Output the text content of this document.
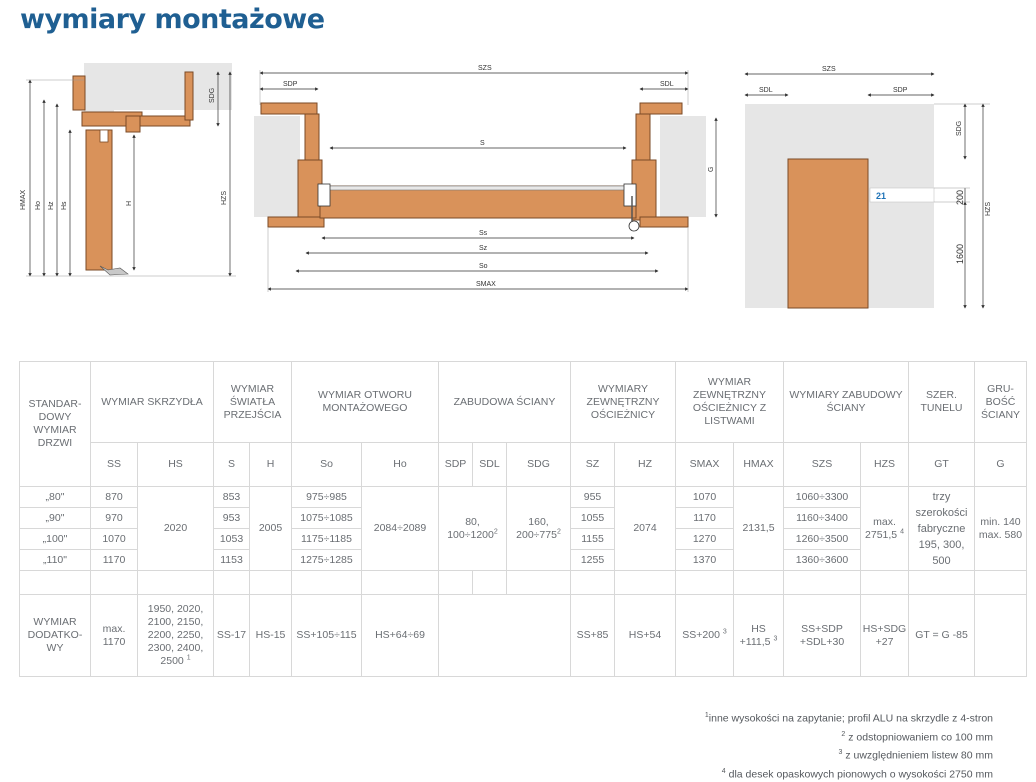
wymiary montażowe
HMAX Ho Hz Hs	H
SDG
HZS
SZS
SDP	SDL
S
Ss
Sz
So
SMAX
G
SZS
SDL	SDP
SDG
200
1600
HZS
21
STANDAR-DOWY WYMIAR DRZWI	WYMIAR SKRZYDŁA		WYMIAR ŚWIATŁA PRZEJŚCIA		WYMIAR OTWORU MONTAŻOWEGO		ZABUDOWA ŚCIANY			WYMIARY ZEWNĘTRZNY OŚCIEŻNICY		WYMIAR ZEWNĘTRZNY OŚCIEŻNICY Z LISTWAMI		WYMIARY ZABUDOWY ŚCIANY		SZER. TUNELU	GRU-BOŚĆ ŚCIANY
	SS	HS	S	H	So	Ho	SDP	SDL	SDG	SZ	HZ	SMAX	HMAX	SZS	HZS	GT	G
„80"	870	2020	853	2005	975÷985	2084÷2089	80, $100\div 1200^2$		160, $200\div 775^2$	955	2074	1070	2131,5	1060÷3300	max. 2751,5 $^4$	trzy szerokości fabryczne 195, 300, 500	min. 140 max. 580
„90"	970		953		1075÷1085					1055		1170		1160÷3400			
„100"	1070		1053		1175÷1185					1155		1270		1260÷3500			
„110"	1170		1153		1275÷1285					1255		1370		1360÷3600			

WYMIAR DODATKO-WY	max. 1170	1950, 2020, 2100, 2150, 2200, 2250, 2300, 2400, 2500 $^1$	SS-17	HS-15	SS+105÷115	HS+64÷69				SS+85	HS+54	SS+200 $^3$	HS +111,5 $^3$	SS+SDP +SDL+30	HS+SDG +27	GT = G -85	
$^1$inne wysokości na zapytanie; profil ALU na skrzydle z 4-stron
$^2$ z odstopniowaniem co 100 mm
$^3$ z uwzględnieniem listew 80 mm
$^4$ dla desek opaskowych pionowych o wysokości 2750 mm
